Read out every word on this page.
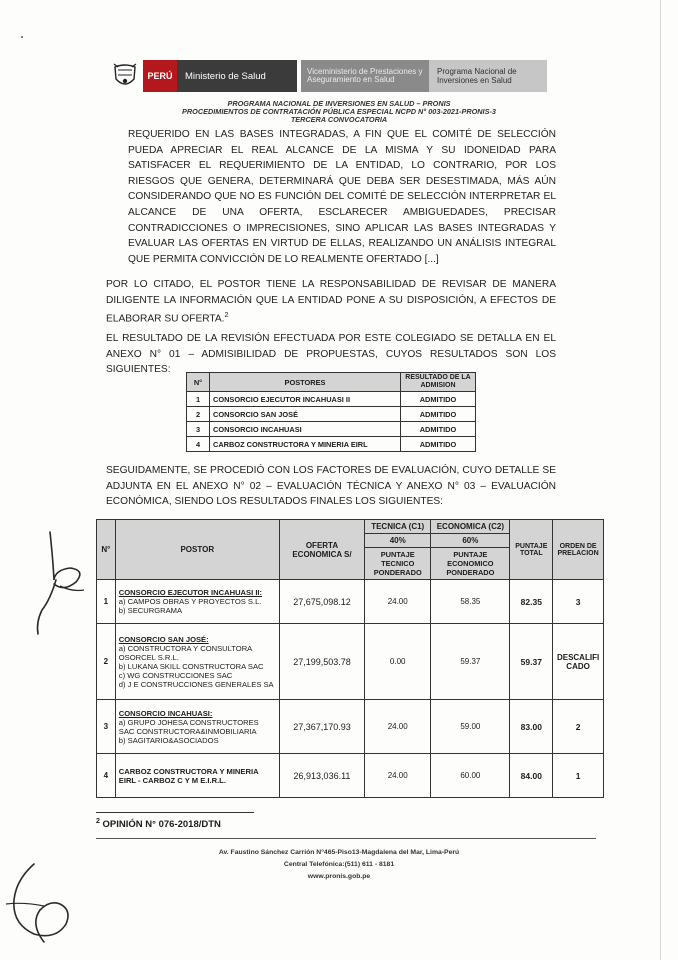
PERÚ	Ministerio de Salud	Viceministerio de Prestaciones y Aseguramiento en Salud
Programa Nacional de Inversiones en Salud
PROGRAMA NACIONAL DE INVERSIONES EN SALUD – PRONIS
PROCEDIMIENTOS DE CONTRATACIÓN PÚBLICA ESPECIAL NCPD N° 003-2021-PRONIS-3
TERCERA CONVOCATORIA
REQUERIDO EN LAS BASES INTEGRADAS, A FIN QUE EL COMITÉ DE SELECCIÓN PUEDA APRECIAR EL REAL ALCANCE DE LA MISMA Y SU IDONEIDAD PARA SATISFACER EL REQUERIMIENTO DE LA ENTIDAD, LO CONTRARIO, POR LOS RIESGOS QUE GENERA, DETERMINARÁ QUE DEBA SER DESESTIMADA, MÁS AÚN CONSIDERANDO QUE NO ES FUNCIÓN DEL COMITÉ DE SELECCIÓN INTERPRETAR EL ALCANCE DE UNA OFERTA, ESCLARECER AMBIGUEDADES, PRECISAR CONTRADICCIONES O IMPRECISIONES, SINO APLICAR LAS BASES INTEGRADAS Y EVALUAR LAS OFERTAS EN VIRTUD DE ELLAS, REALIZANDO UN ANÁLISIS INTEGRAL QUE PERMITA CONVICCIÓN DE LO REALMENTE OFERTADO [...]
POR LO CITADO, EL POSTOR TIENE LA RESPONSABILIDAD DE REVISAR DE MANERA DILIGENTE LA INFORMACIÓN QUE LA ENTIDAD PONE A SU DISPOSICIÓN, A EFECTOS DE ELABORAR SU OFERTA.$^2$
EL RESULTADO DE LA REVISIÓN EFECTUADA POR ESTE COLEGIADO SE DETALLA EN EL ANEXO N° 01 – ADMISIBILIDAD DE PROPUESTAS, CUYOS RESULTADOS SON LOS SIGUIENTES:
N°	POSTORES	RESULTADO DE LA ADMISION
1	CONSORCIO EJECUTOR INCAHUASI II	ADMITIDO
2	CONSORCIO SAN JOSÉ	ADMITIDO
3	CONSORCIO INCAHUASI	ADMITIDO
4	CARBOZ CONSTRUCTORA Y MINERIA EIRL	ADMITIDO
SEGUIDAMENTE, SE PROCEDIÓ CON LOS FACTORES DE EVALUACIÓN, CUYO DETALLE SE ADJUNTA EN EL ANEXO N° 02 – EVALUACIÓN TÉCNICA Y ANEXO N° 03 – EVALUACIÓN ECONÓMICA, SIENDO LOS RESULTADOS FINALES LOS SIGUIENTES:
N°	POSTOR	OFERTA ECONOMICA S/	TECNICA (C1)	ECONOMICA (C2)	PUNTAJE TOTAL	ORDEN DE PRELACION
			40%	60%		
			PUNTAJE TECNICO PONDERADO	PUNTAJE ECONOMICO PONDERADO		
1	CONSORCIO EJECUTOR INCAHUASI II:
a) CAMPOS OBRAS Y PROYECTOS S.L.
b) SECURGRAMA	27,675,098.12	24.00	58.35	82.35	3
2	CONSORCIO SAN JOSÉ:
a) CONSTRUCTORA Y CONSULTORA OSORCEL S.R.L.
b) LUKANA SKILL CONSTRUCTORA SAC
c) WG CONSTRUCCIONES SAC
d) J E CONSTRUCCIONES GENERALES SA	27,199,503.78	0.00	59.37	59.37	DESCALIFICADO
3	CONSORCIO INCAHUASI:
a) GRUPO JOHESA CONSTRUCTORES SAC CONSTRUCTORA&INMOBILIARIA
b) SAGITARIO&ASOCIADOS	27,367,170.93	24.00	59.00	83.00	2
4	CARBOZ CONSTRUCTORA Y MINERIA EIRL - CARBOZ C Y M E.I.R.L.	26,913,036.11	24.00	60.00	84.00	1
$^2$ OPINIÓN N° 076-2018/DTN
Av. Faustino Sánchez Carrión N°465-Piso13-Magdalena del Mar, Lima-Perú
Central Telefónica:(511) 611 - 8181
www.pronis.gob.pe
